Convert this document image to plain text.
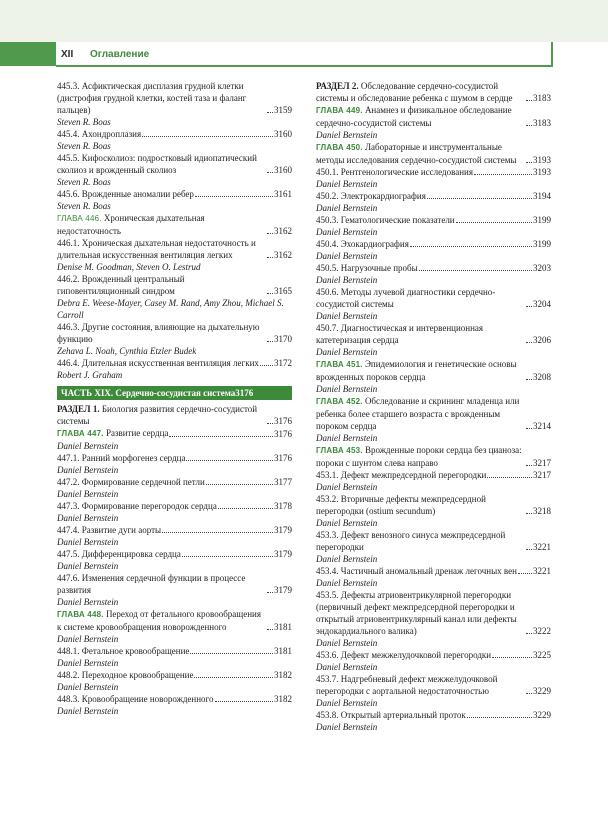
XII Оглавление
445.3. Асфиктическая дисплазия грудной клетки (дистрофия грудной клетки, костей таза и фаланг пальцев)	3159
Steven R. Boas
445.4. Ахондроплазия	3160
Steven R. Boas
445.5. Кифосколиоз: подростковый идиопатический сколиоз и врожденный сколиоз	3160
Steven R. Boas
445.6. Врожденные аномалии ребер	3161
Steven R. Boas
ГЛАВА 446. Хроническая дыхательная недостаточность	3162
446.1. Хроническая дыхательная недостаточность и длительная искусственная вентиляция легких	3162
Denise M. Goodman, Steven O. Lestrud
446.2. Врожденный центральный гиповентиляционный синдром	3165
Debra E. Weese-Mayer, Casey M. Rand, Amy Zhou, Michael S. Carroll
446.3. Другие состояния, влияющие на дыхательную функцию	3170
Zehava L. Noah, Cynthia Etzler Budek
446.4. Длительная искусственная вентиляция легких 3172
Robert J. Graham
ЧАСТЬ XIX. Сердечно-сосудистая система 3176
РАЗДЕЛ 1. Биология развития сердечно-сосудистой системы	3176
ГЛАВА 447. Развитие сердца	3176
Daniel Bernstein
447.1. Ранний морфогенез сердца	3176
Daniel Bernstein
447.2. Формирование сердечной петли	3177
Daniel Bernstein
447.3. Формирование перегородок сердца	3178
Daniel Bernstein
447.4. Развитие дуги аорты	3179
Daniel Bernstein
447.5. Дифференцировка сердца	3179
Daniel Bernstein
447.6. Изменения сердечной функции в процессе развития	3179
Daniel Bernstein
ГЛАВА 448. Переход от фетального кровообращения к системе кровообращения новорожденного	3181
Daniel Bernstein
448.1. Фетальное кровообращение	3181
Daniel Bernstein
448.2. Переходное кровообращение	3182
Daniel Bernstein
448.3. Кровообращение новорожденного	3182
Daniel Bernstein
РАЗДЕЛ 2. Обследование сердечно-сосудистой системы и обследование ребенка с шумом в сердце	3183
ГЛАВА 449. Анамнез и физикальное обследование сердечно-сосудистой системы	3183
Daniel Bernstein
ГЛАВА 450. Лабораторные и инструментальные методы исследования сердечно-сосудистой системы	3193
450.1. Рентгенологические исследования	3193
Daniel Bernstein
450.2. Электрокардиография	3194
Daniel Bernstein
450.3. Гематологические показатели	3199
Daniel Bernstein
450.4. Эхокардиография	3199
Daniel Bernstein
450.5. Нагрузочные пробы	3203
Daniel Bernstein
450.6. Методы лучевой диагностики сердечно-сосудистой системы	3204
Daniel Bernstein
450.7. Диагностическая и интервенционная катетеризация сердца	3206
Daniel Bernstein
ГЛАВА 451. Эпидемиология и генетические основы врожденных пороков сердца	3208
Daniel Bernstein
ГЛАВА 452. Обследование и скрининг младенца или ребенка более старшего возраста с врожденным пороком сердца	3214
Daniel Bernstein
ГЛАВА 453. Врожденные пороки сердца без цианоза: пороки с шунтом слева направо	3217
453.1. Дефект межпредсердной перегородки	3217
Daniel Bernstein
453.2. Вторичные дефекты межпредсердной перегородки (ostium secundum)	3218
Daniel Bernstein
453.3. Дефект венозного синуса межпредсердной перегородки	3221
Daniel Bernstein
453.4. Частичный аномальный дренаж легочных вен 3221
Daniel Bernstein
453.5. Дефекты атриовентрикулярной перегородки (первичный дефект межпредсердной перегородки и открытый атриовентрикулярный канал или дефекты эндокардиального валика)	3222
Daniel Bernstein
453.6. Дефект межжелудочковой перегородки	3225
Daniel Bernstein
453.7. Надгребневый дефект межжелудочковой перегородки с аортальной недостаточностью	3229
Daniel Bernstein
453.8. Открытый артериальный проток	3229
Daniel Bernstein
